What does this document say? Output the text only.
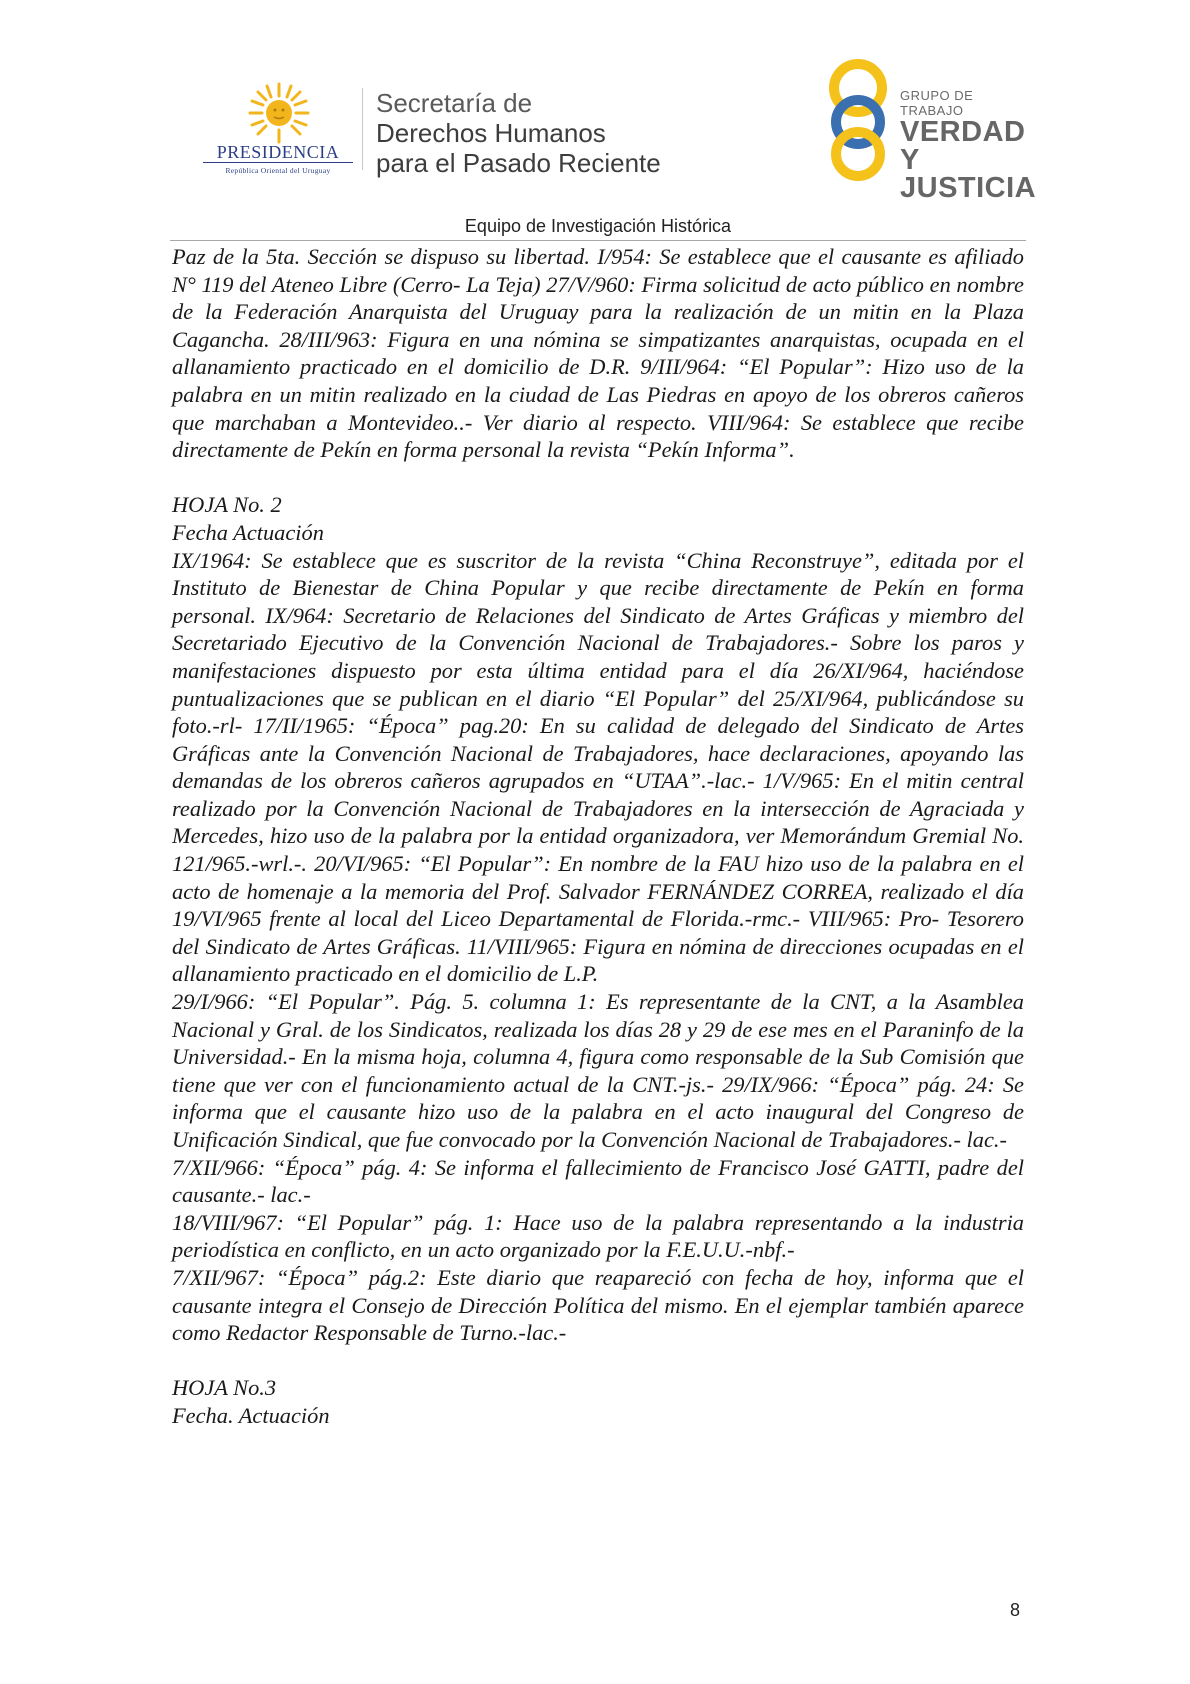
PRESIDENCIA
República Oriental del Uruguay
Secretaría de
Derechos Humanos
para el Pasado Reciente
GRUPO DE TRABAJO
VERDAD Y
JUSTICIA
Equipo de Investigación Histórica

Paz de la 5ta. Sección se dispuso su libertad. I/954: Se establece que el causante es afiliado N° 119 del Ateneo Libre (Cerro- La Teja) 27/V/960: Firma solicitud de acto público en nombre de la Federación Anarquista del Uruguay para la realización de un mitin en la Plaza Cagancha. 28/III/963: Figura en una nómina se simpatizantes anarquistas, ocupada en el allanamiento practicado en el domicilio de D.R. 9/III/964: “El Popular”: Hizo uso de la palabra en un mitin realizado en la ciudad de Las Piedras en apoyo de los obreros cañeros que marchaban a Montevideo..- Ver diario al respecto. VIII/964: Se establece que recibe directamente de Pekín en forma personal la revista “Pekín Informa”.

HOJA No. 2

Fecha Actuación

IX/1964: Se establece que es suscritor de la revista “China Reconstruye”, editada por el Instituto de Bienestar de China Popular y que recibe directamente de Pekín en forma personal. IX/964: Secretario de Relaciones del Sindicato de Artes Gráficas y miembro del Secretariado Ejecutivo de la Convención Nacional de Trabajadores.- Sobre los paros y manifestaciones dispuesto por esta última entidad para el día 26/XI/964, haciéndose puntualizaciones que se publican en el diario “El Popular” del 25/XI/964, publicándose su foto.-rl- 17/II/1965: “Época” pag.20: En su calidad de delegado del Sindicato de Artes Gráficas ante la Convención Nacional de Trabajadores, hace declaraciones, apoyando las demandas de los obreros cañeros agrupados en “UTAA”.-lac.- 1/V/965: En el mitin central realizado por la Convención Nacional de Trabajadores en la intersección de Agraciada y Mercedes, hizo uso de la palabra por la entidad organizadora, ver Memorándum Gremial No. 121/965.-wrl.-. 20/VI/965: “El Popular”: En nombre de la FAU hizo uso de la palabra en el acto de homenaje a la memoria del Prof. Salvador FERNÁNDEZ CORREA, realizado el día 19/VI/965 frente al local del Liceo Departamental de Florida.-rmc.- VIII/965: Pro- Tesorero del Sindicato de Artes Gráficas. 11/VIII/965: Figura en nómina de direcciones ocupadas en el allanamiento practicado en el domicilio de L.P.

29/I/966: “El Popular”. Pág. 5. columna 1: Es representante de la CNT, a la Asamblea Nacional y Gral. de los Sindicatos, realizada los días 28 y 29 de ese mes en el Paraninfo de la Universidad.- En la misma hoja, columna 4, figura como responsable de la Sub Comisión que tiene que ver con el funcionamiento actual de la CNT.-js.- 29/IX/966: “Época” pág. 24: Se informa que el causante hizo uso de la palabra en el acto inaugural del Congreso de Unificación Sindical, que fue convocado por la Convención Nacional de Trabajadores.- lac.-

7/XII/966: “Época” pág. 4: Se informa el fallecimiento de Francisco José GATTI, padre del causante.- lac.-

18/VIII/967: “El Popular” pág. 1: Hace uso de la palabra representando a la industria periodística en conflicto, en un acto organizado por la F.E.U.U.-nbf.-

7/XII/967: “Época” pág.2: Este diario que reapareció con fecha de hoy, informa que el causante integra el Consejo de Dirección Política del mismo. En el ejemplar también aparece como Redactor Responsable de Turno.-lac.-

HOJA No.3

Fecha. Actuación

8
